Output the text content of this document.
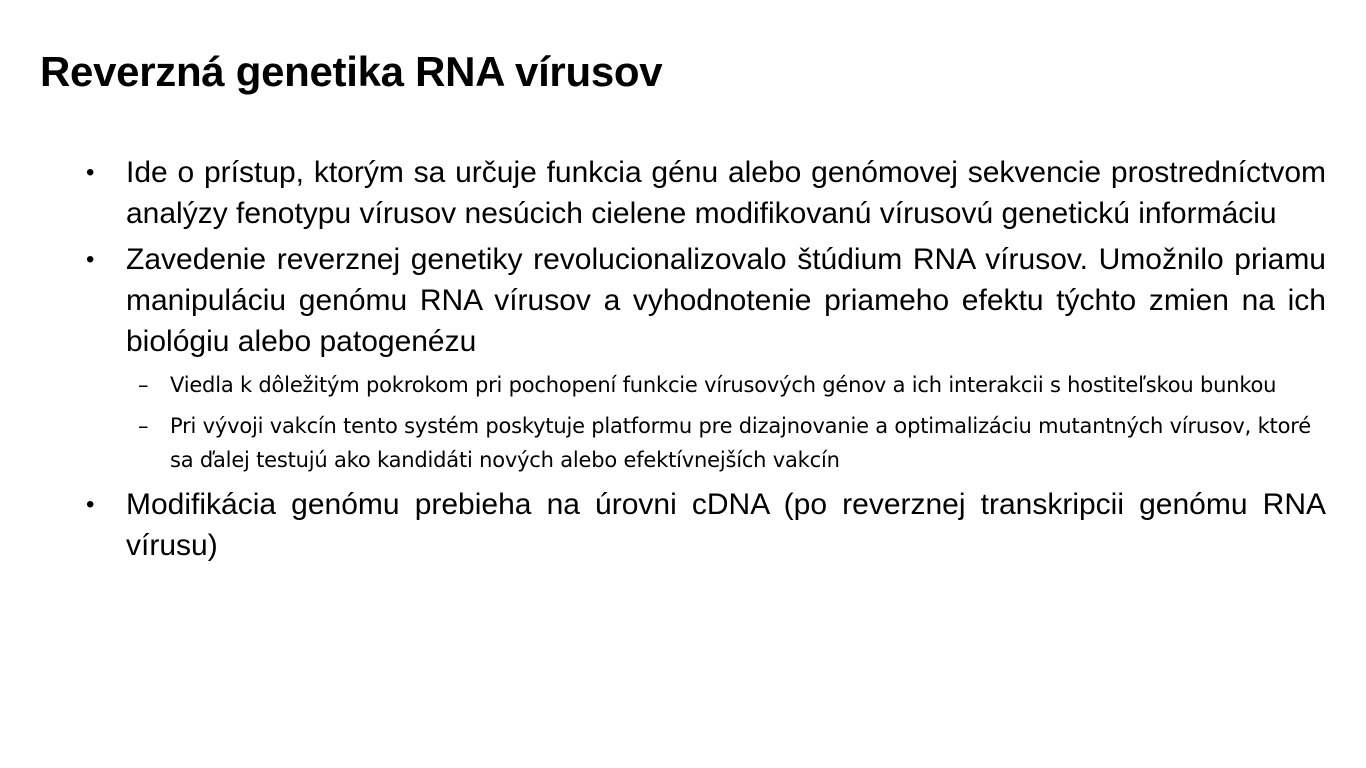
Reverzná genetika RNA vírusov
•	Ide o prístup, ktorým sa určuje funkcia génu alebo genómovej sekvencie prostredníctvom analýzy fenotypu vírusov nesúcich cielene modifikovanú vírusovú genetickú informáciu
•	Zavedenie reverznej genetiky revolucionalizovalo štúdium RNA vírusov. Umožnilo priamu manipuláciu genómu RNA vírusov a vyhodnotenie priameho efektu týchto zmien na ich biológiu alebo patogenézu
–	Viedla k dôležitým pokrokom pri pochopení funkcie vírusových génov a ich interakcii s hostiteľskou bunkou
–	Pri vývoji vakcín tento systém poskytuje platformu pre dizajnovanie a optimalizáciu mutantných vírusov, ktoré sa ďalej testujú ako kandidáti nových alebo efektívnejších vakcín
•	Modifikácia genómu prebieha na úrovni cDNA (po reverznej transkripcii genómu RNA vírusu)
